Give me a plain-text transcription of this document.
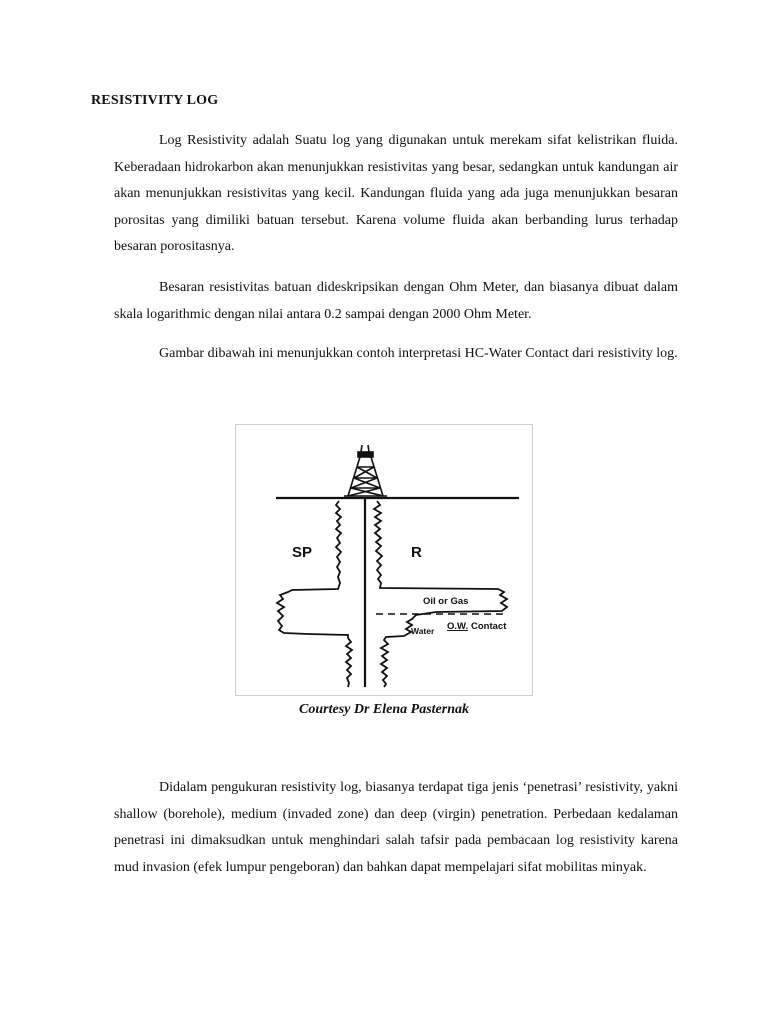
RESISTIVITY LOG

Log Resistivity adalah Suatu log yang digunakan untuk merekam sifat kelistrikan fluida. Keberadaan hidrokarbon akan menunjukkan resistivitas yang besar, sedangkan untuk kandungan air akan menunjukkan resistivitas yang kecil. Kandungan fluida yang ada juga menunjukkan besaran porositas yang dimiliki batuan tersebut. Karena volume fluida akan berbanding lurus terhadap besaran porositasnya.

Besaran resistivitas batuan dideskripsikan dengan Ohm Meter, dan biasanya dibuat dalam skala logarithmic dengan nilai antara 0.2 sampai dengan 2000 Ohm Meter.

Gambar dibawah ini menunjukkan contoh interpretasi HC-Water Contact dari resistivity log.

SP	R
Oil or Gas
Water O.W. Contact
Courtesy Dr Elena Pasternak

Didalam pengukuran resistivity log, biasanya terdapat tiga jenis ‘penetrasi’ resistivity, yakni shallow (borehole), medium (invaded zone) dan deep (virgin) penetration. Perbedaan kedalaman penetrasi ini dimaksudkan untuk menghindari salah tafsir pada pembacaan log resistivity karena mud invasion (efek lumpur pengeboran) dan bahkan dapat mempelajari sifat mobilitas minyak.
